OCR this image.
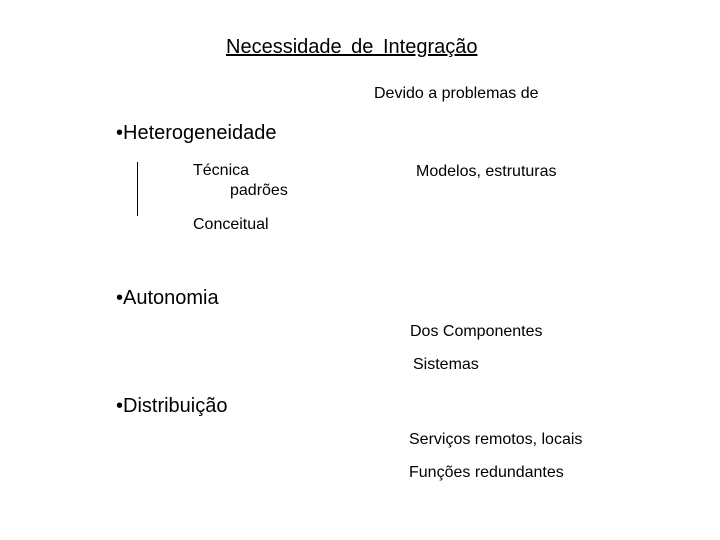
Necessidade de Integração
Devido a problemas de
•Heterogeneidade
Técnica
padrões
Conceitual
Modelos, estruturas
•Autonomia
Dos Componentes
Sistemas
•Distribuição
Serviços remotos, locais
Funções redundantes
